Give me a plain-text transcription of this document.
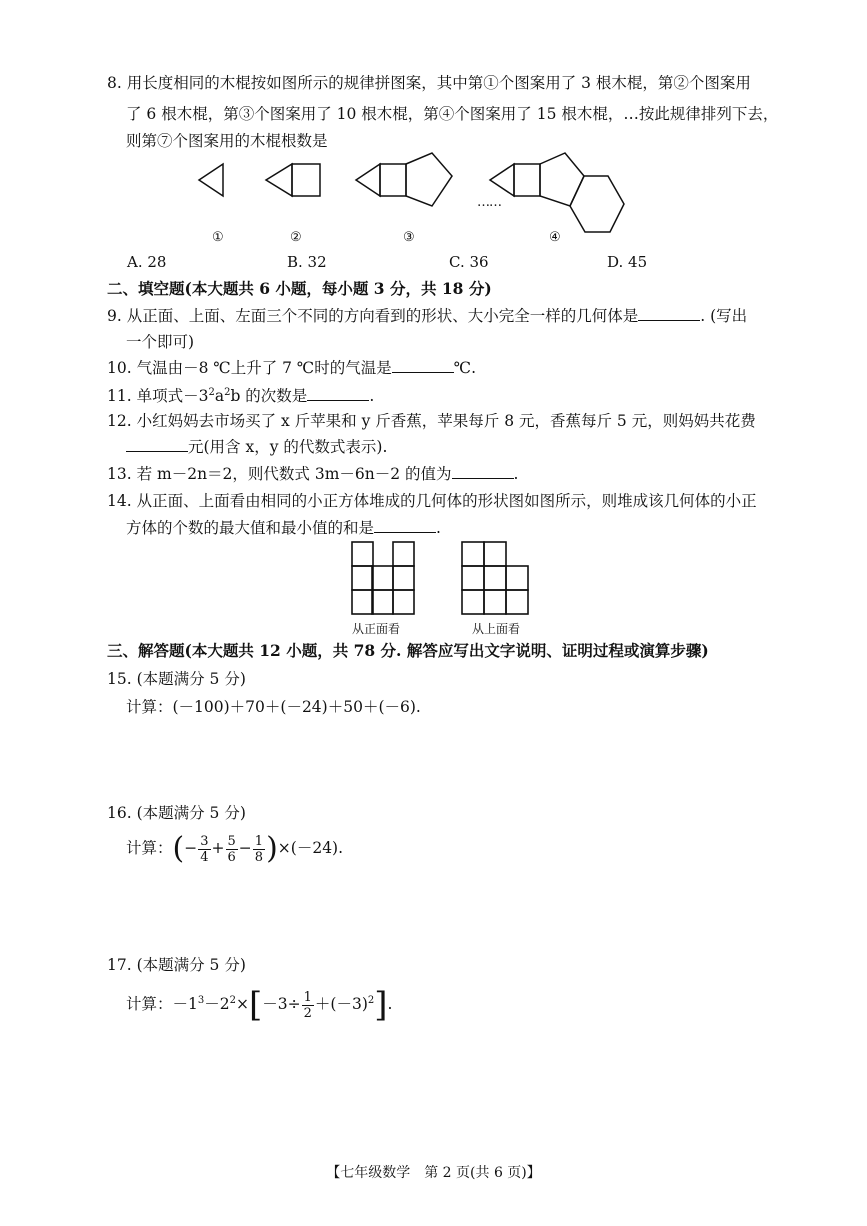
8. 用长度相同的木棍按如图所示的规律拼图案，其中第①个图案用了 3 根木棍，第②个图案用
了 6 根木棍，第③个图案用了 10 根木棍，第④个图案用了 15 根木棍，…按此规律排列下去，
则第⑦个图案用的木棍根数是
……
①	②	③	④
A. 28	B. 32	C. 36	D. 45
二、填空题(本大题共 6 小题，每小题 3 分，共 18 分)
9. 从正面、上面、左面三个不同的方向看到的形状、大小完全一样的几何体是	. (写出
一个即可)
10. 气温由－8 ℃上升了 7 ℃时的气温是	℃.
11. 单项式$-3^2a^2b$ 的次数是	.
12. 小红妈妈去市场买了 x 斤苹果和 y 斤香蕉，苹果每斤 8 元，香蕉每斤 5 元，则妈妈共花费
元(用含 x，y 的代数式表示).
13. 若 m－2n＝2，则代数式 3m－6n－2 的值为	.
14. 从正面、上面看由相同的小正方体堆成的几何体的形状图如图所示，则堆成该几何体的小正
方体的个数的最大值和最小值的和是	.
从正面看	从上面看
三、解答题(本大题共 12 小题，共 78 分. 解答应写出文字说明、证明过程或演算步骤)
15. (本题满分 5 分)
计算：(－100)＋70＋(－24)＋50＋(－6).
16. (本题满分 5 分)
计算：(− $\frac{3}{4} + \frac{5}{6} - \frac{1}{8} )\times(-24)$.
17. (本题满分 5 分)
计算：$-1^3-2^2\times[-3\div \frac{1}{2} +(-3)^2]$.
【七年级数学　第 2 页(共 6 页)】
